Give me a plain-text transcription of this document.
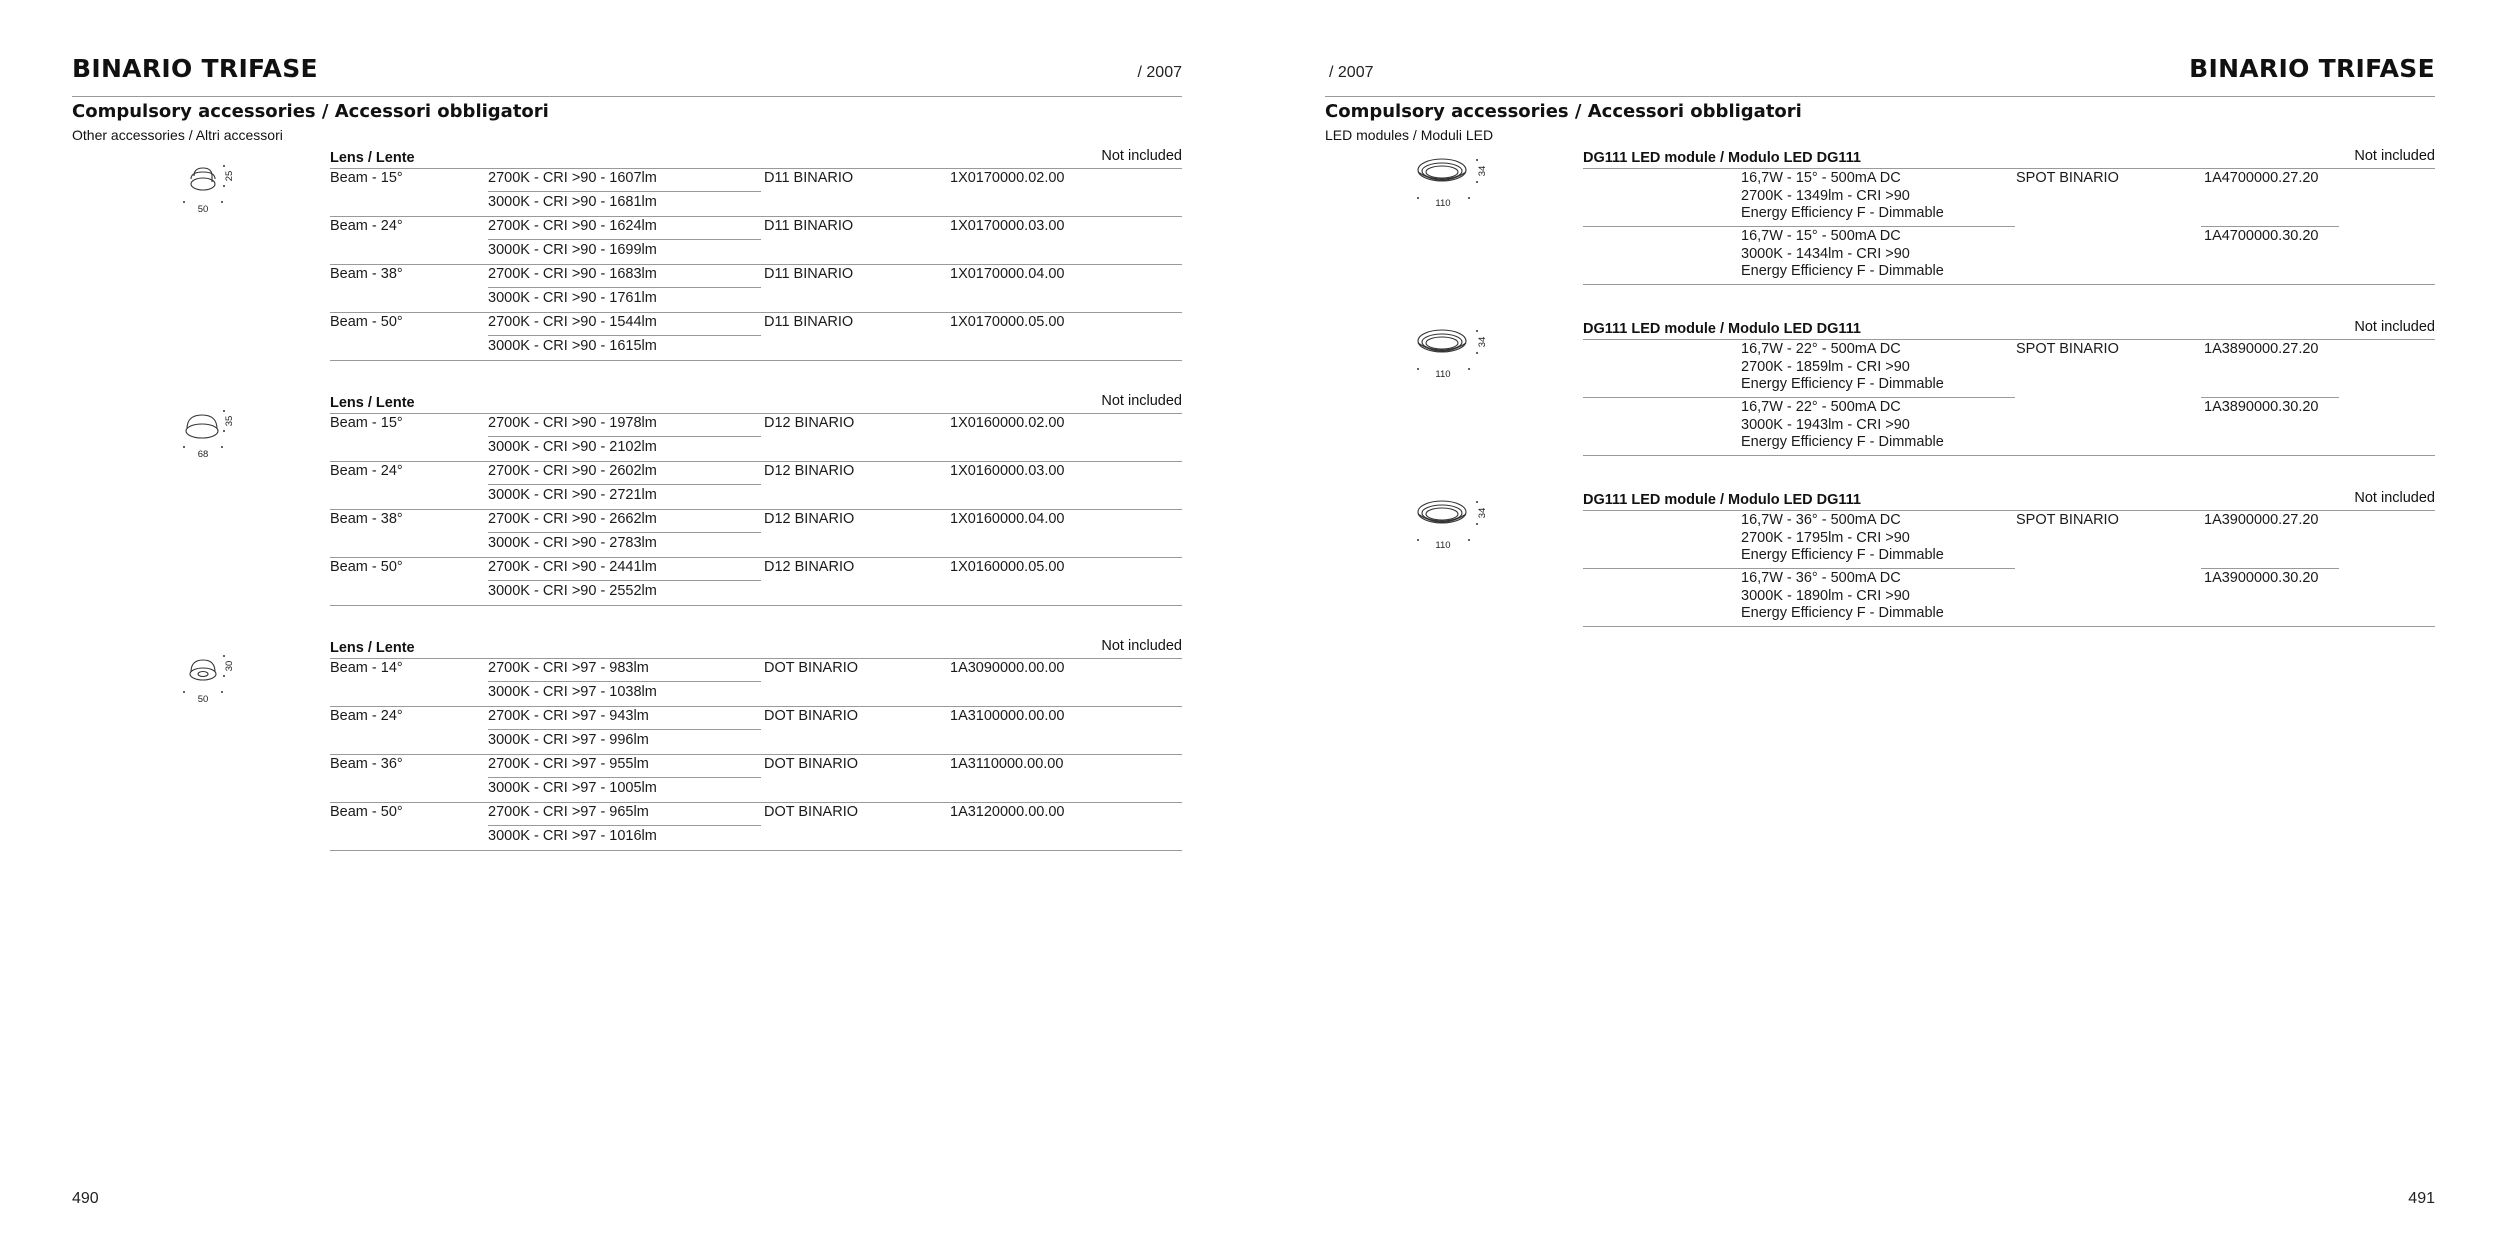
BINARIO TRIFASE	/ 2007
Compulsory accessories / Accessori obbligatori
Other accessories / Altri accessori
50
25
Lens / Lente	Not included
Beam - 15°	2700K - CRI >90 - 1607lm
3000K - CRI >90 - 1681lm
D11 BINARIO	1X0170000.02.00
Beam - 24°	2700K - CRI >90 - 1624lm
3000K - CRI >90 - 1699lm
D11 BINARIO	1X0170000.03.00
Beam - 38°	2700K - CRI >90 - 1683lm
3000K - CRI >90 - 1761lm
D11 BINARIO	1X0170000.04.00
Beam - 50°	2700K - CRI >90 - 1544lm
3000K - CRI >90 - 1615lm
D11 BINARIO	1X0170000.05.00
68
35
Lens / Lente	Not included
Beam - 15°	2700K - CRI >90 - 1978lm
3000K - CRI >90 - 2102lm
D12 BINARIO	1X0160000.02.00
Beam - 24°	2700K - CRI >90 - 2602lm
3000K - CRI >90 - 2721lm
D12 BINARIO	1X0160000.03.00
Beam - 38°	2700K - CRI >90 - 2662lm
3000K - CRI >90 - 2783lm
D12 BINARIO	1X0160000.04.00
Beam - 50°	2700K - CRI >90 - 2441lm
3000K - CRI >90 - 2552lm
D12 BINARIO	1X0160000.05.00
50
30
Lens / Lente	Not included
Beam - 14°	2700K - CRI >97 - 983lm
3000K - CRI >97 - 1038lm
DOT BINARIO	1A3090000.00.00
Beam - 24°	2700K - CRI >97 - 943lm
3000K - CRI >97 - 996lm
DOT BINARIO	1A3100000.00.00
Beam - 36°	2700K - CRI >97 - 955lm
3000K - CRI >97 - 1005lm
DOT BINARIO	1A3110000.00.00
Beam - 50°	2700K - CRI >97 - 965lm
3000K - CRI >97 - 1016lm
DOT BINARIO	1A3120000.00.00
490
/ 2007	BINARIO TRIFASE
Compulsory accessories / Accessori obbligatori
LED modules / Moduli LED
110
34
DG111 LED module / Modulo LED DG111	Not included
16,7W - 15° - 500mA DC
2700K - 1349lm - CRI >90
Energy Efficiency F - Dimmable
SPOT BINARIO	1A4700000.27.20
16,7W - 15° - 500mA DC
3000K - 1434lm - CRI >90
Energy Efficiency F - Dimmable
1A4700000.30.20
110
34
DG111 LED module / Modulo LED DG111	Not included
16,7W - 22° - 500mA DC
2700K - 1859lm - CRI >90
Energy Efficiency F - Dimmable
SPOT BINARIO	1A3890000.27.20
16,7W - 22° - 500mA DC
3000K - 1943lm - CRI >90
Energy Efficiency F - Dimmable
1A3890000.30.20
110
34
DG111 LED module / Modulo LED DG111	Not included
16,7W - 36° - 500mA DC
2700K - 1795lm - CRI >90
Energy Efficiency F - Dimmable
SPOT BINARIO	1A3900000.27.20
16,7W - 36° - 500mA DC
3000K - 1890lm - CRI >90
Energy Efficiency F - Dimmable
1A3900000.30.20
491
